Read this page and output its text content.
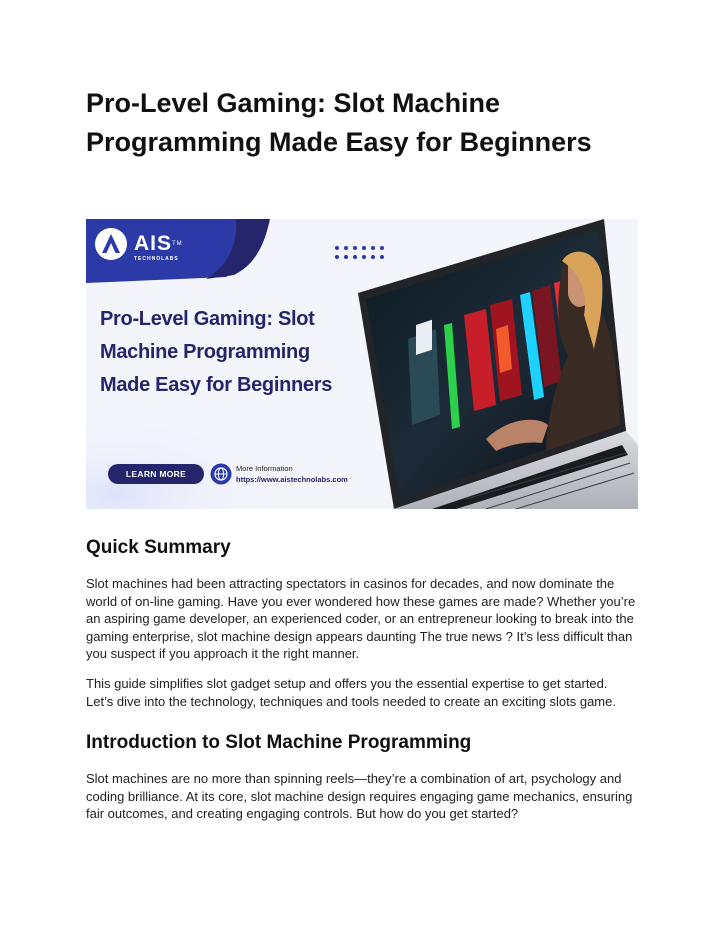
Pro-Level Gaming: Slot Machine Programming Made Easy for Beginners
AIS™
TECHNOLABS
Pro-Level Gaming: Slot Machine Programming Made Easy for Beginners
LEARN MORE
More Information
https://www.aistechnolabs.com
Quick Summary

Slot machines had been attracting spectators in casinos for decades, and now dominate the world of on-line gaming. Have you ever wondered how these games are made? Whether you’re an aspiring game developer, an experienced coder, or an entrepreneur looking to break into the gaming enterprise, slot machine design appears daunting The true news ? It’s less difficult than you suspect if you approach it the right manner.

This guide simplifies slot gadget setup and offers you the essential expertise to get started. Let’s dive into the technology, techniques and tools needed to create an exciting slots game.

Introduction to Slot Machine Programming

Slot machines are no more than spinning reels—they’re a combination of art, psychology and coding brilliance. At its core, slot machine design requires engaging game mechanics, ensuring fair outcomes, and creating engaging controls. But how do you get started?
